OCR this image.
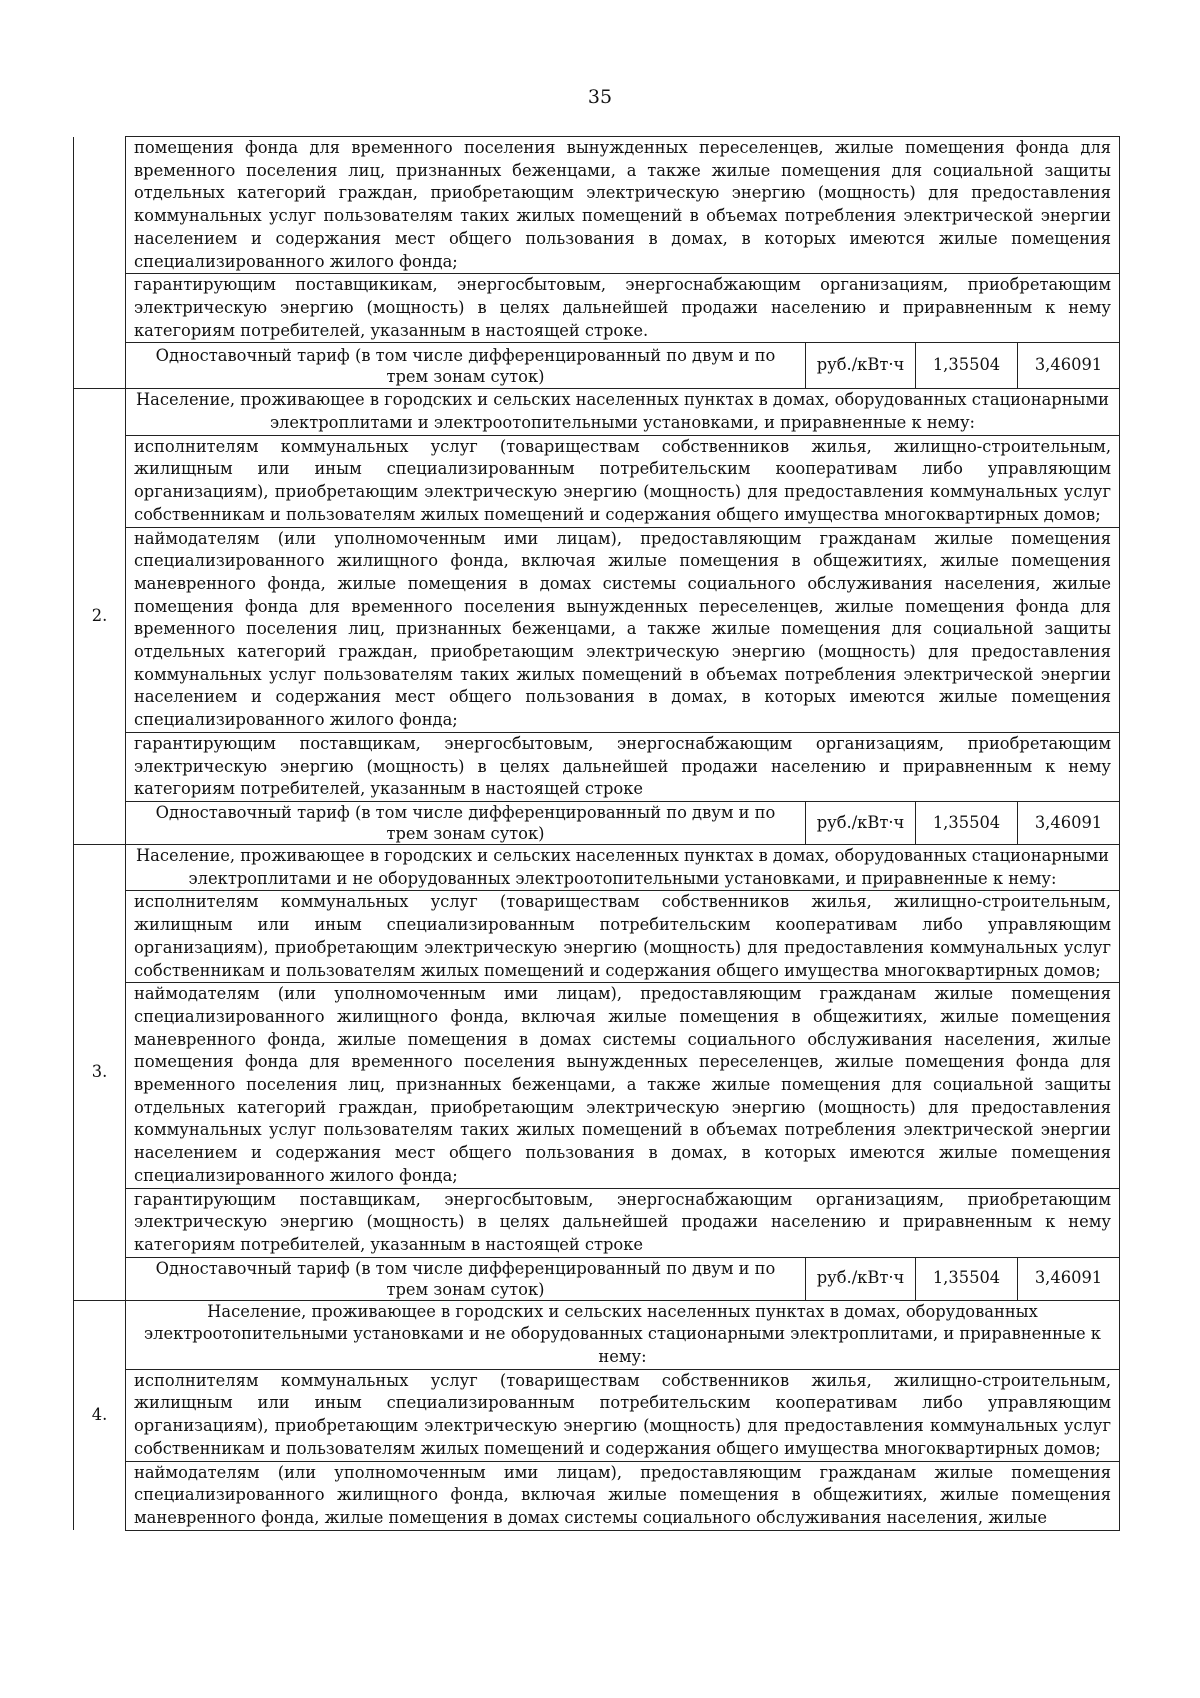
35
	помещения фонда для временного поселения вынужденных переселенцев, жилые помещения фонда для временного поселения лиц, признанных беженцами, а также жилые помещения для социальной защиты отдельных категорий граждан, приобретающим электрическую энергию (мощность) для предоставления коммунальных услуг пользователям таких жилых помещений в объемах потребления электрической энергии населением и содержания мест общего пользования в домах, в которых имеются жилые помещения специализированного жилого фонда;			
	гарантирующим поставщикикам, энергосбытовым, энергоснабжающим организациям, приобретающим электрическую энергию (мощность) в целях дальнейшей продажи населению и приравненным к нему категориям потребителей, указанным в настоящей строке.			
	Одноставочный тариф (в том числе дифференцированный по двум и по трем зонам суток)	руб./кВт·ч	1,35504	3,46091
2.	Население, проживающее в городских и сельских населенных пунктах в домах, оборудованных стационарными электроплитами и электроотопительными установками, и приравненные к нему:			
	исполнителям коммунальных услуг (товариществам собственников жилья, жилищно-строительным, жилищным или иным специализированным потребительским кооперативам либо управляющим организациям), приобретающим электрическую энергию (мощность) для предоставления коммунальных услуг собственникам и пользователям жилых помещений и содержания общего имущества многоквартирных домов;			
	наймодателям (или уполномоченным ими лицам), предоставляющим гражданам жилые помещения специализированного жилищного фонда, включая жилые помещения в общежитиях, жилые помещения маневренного фонда, жилые помещения в домах системы социального обслуживания населения, жилые помещения фонда для временного поселения вынужденных переселенцев, жилые помещения фонда для временного поселения лиц, признанных беженцами, а также жилые помещения для социальной защиты отдельных категорий граждан, приобретающим электрическую энергию (мощность) для предоставления коммунальных услуг пользователям таких жилых помещений в объемах потребления электрической энергии населением и содержания мест общего пользования в домах, в которых имеются жилые помещения специализированного жилого фонда;			
	гарантирующим поставщикам, энергосбытовым, энергоснабжающим организациям, приобретающим электрическую энергию (мощность) в целях дальнейшей продажи населению и приравненным к нему категориям потребителей, указанным в настоящей строке			
	Одноставочный тариф (в том числе дифференцированный по двум и по трем зонам суток)	руб./кВт·ч	1,35504	3,46091
3.	Население, проживающее в городских и сельских населенных пунктах в домах, оборудованных стационарными электроплитами и не оборудованных электроотопительными установками, и приравненные к нему:			
	исполнителям коммунальных услуг (товариществам собственников жилья, жилищно-строительным, жилищным или иным специализированным потребительским кооперативам либо управляющим организациям), приобретающим электрическую энергию (мощность) для предоставления коммунальных услуг собственникам и пользователям жилых помещений и содержания общего имущества многоквартирных домов;			
	наймодателям (или уполномоченным ими лицам), предоставляющим гражданам жилые помещения специализированного жилищного фонда, включая жилые помещения в общежитиях, жилые помещения маневренного фонда, жилые помещения в домах системы социального обслуживания населения, жилые помещения фонда для временного поселения вынужденных переселенцев, жилые помещения фонда для временного поселения лиц, признанных беженцами, а также жилые помещения для социальной защиты отдельных категорий граждан, приобретающим электрическую энергию (мощность) для предоставления коммунальных услуг пользователям таких жилых помещений в объемах потребления электрической энергии населением и содержания мест общего пользования в домах, в которых имеются жилые помещения специализированного жилого фонда;			
	гарантирующим поставщикам, энергосбытовым, энергоснабжающим организациям, приобретающим электрическую энергию (мощность) в целях дальнейшей продажи населению и приравненным к нему категориям потребителей, указанным в настоящей строке			
	Одноставочный тариф (в том числе дифференцированный по двум и по трем зонам суток)	руб./кВт·ч	1,35504	3,46091
4.	Население, проживающее в городских и сельских населенных пунктах в домах, оборудованных электроотопительными установками и не оборудованных стационарными электроплитами, и приравненные к нему:			
	исполнителям коммунальных услуг (товариществам собственников жилья, жилищно-строительным, жилищным или иным специализированным потребительским кооперативам либо управляющим организациям), приобретающим электрическую энергию (мощность) для предоставления коммунальных услуг собственникам и пользователям жилых помещений и содержания общего имущества многоквартирных домов;			
	наймодателям (или уполномоченным ими лицам), предоставляющим гражданам жилые помещения специализированного жилищного фонда, включая жилые помещения в общежитиях, жилые помещения маневренного фонда, жилые помещения в домах системы социального обслуживания населения, жилые			
